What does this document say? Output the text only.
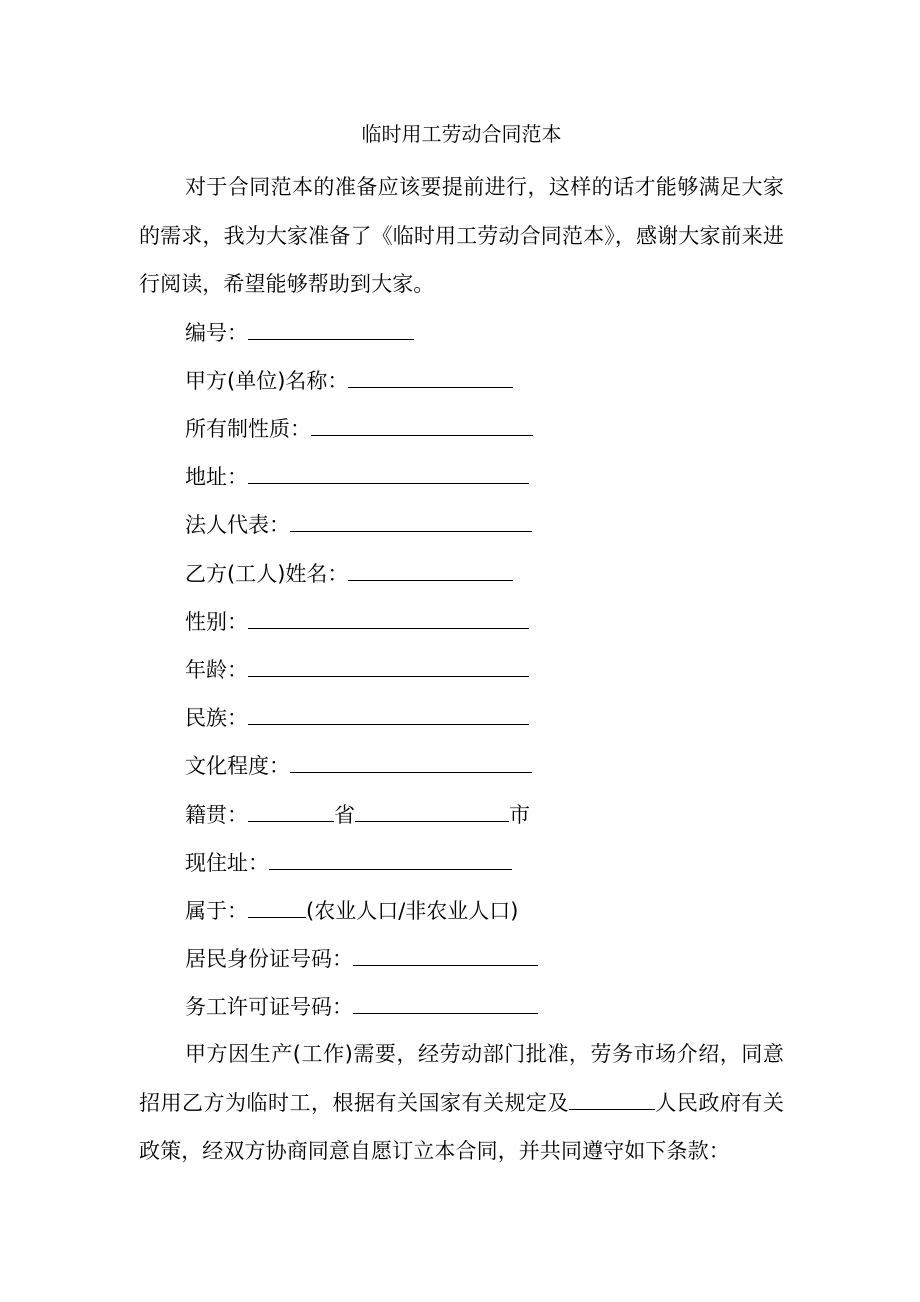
临时用工劳动合同范本
对于合同范本的准备应该要提前进行，这样的话才能够满足大家的需求，我为大家准备了《临时用工劳动合同范本》，感谢大家前来进行阅读，希望能够帮助到大家。
编号：
甲方(单位)名称：
所有制性质：
地址：
法人代表：
乙方(工人)姓名：
性别：
年龄：
民族：
文化程度：
籍贯：	省	市
现住址：
属于：	(农业人口/非农业人口)
居民身份证号码：
务工许可证号码：
甲方因生产(工作)需要，经劳动部门批准，劳务市场介绍，同意招用乙方为临时工，根据有关国家有关规定及	人民政府有关政策，经双方协商同意自愿订立本合同，并共同遵守如下条款：
